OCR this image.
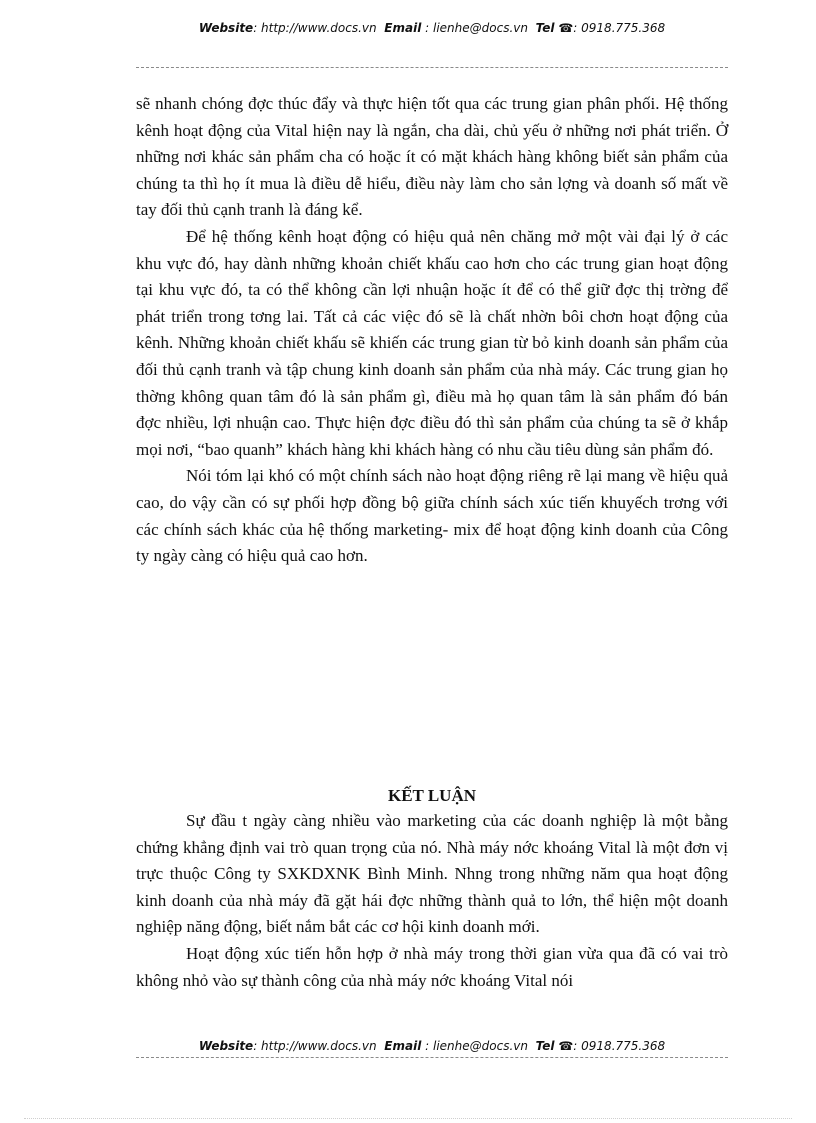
Website: http://www.docs.vn Email : lienhe@docs.vn Tel ☎: 0918.775.368

sẽ nhanh chóng đợc thúc đẩy và thực hiện tốt qua các trung gian phân phối. Hệ thống kênh hoạt động của Vital hiện nay là ngắn, cha dài, chủ yếu ở những nơi phát triển. Ở những nơi khác sản phẩm cha có hoặc ít có mặt khách hàng không biết sản phẩm của chúng ta thì họ ít mua là điều dễ hiểu, điều này làm cho sản lợng và doanh số mất về tay đối thủ cạnh tranh là đáng kể.

Để hệ thống kênh hoạt động có hiệu quả nên chăng mở một vài đại lý ở các khu vực đó, hay dành những khoản chiết khấu cao hơn cho các trung gian hoạt động tại khu vực đó, ta có thể không cần lợi nhuận hoặc ít để có thể giữ đợc thị trờng để phát triển trong tơng lai. Tất cả các việc đó sẽ là chất nhờn bôi chơn hoạt động của kênh. Những khoản chiết khấu sẽ khiến các trung gian từ bỏ kinh doanh sản phẩm của đối thủ cạnh tranh và tập chung kinh doanh sản phẩm của nhà máy. Các trung gian họ thờng không quan tâm đó là sản phẩm gì, điều mà họ quan tâm là sản phẩm đó bán đợc nhiều, lợi nhuận cao. Thực hiện đợc điều đó thì sản phẩm của chúng ta sẽ ở khắp mọi nơi, “bao quanh” khách hàng khi khách hàng có nhu cầu tiêu dùng sản phẩm đó.

Nói tóm lại khó có một chính sách nào hoạt động riêng rẽ lại mang về hiệu quả cao, do vậy cần có sự phối hợp đồng bộ giữa chính sách xúc tiến khuyếch trơng với các chính sách khác của hệ thống marketing- mix để hoạt động kinh doanh của Công ty ngày càng có hiệu quả cao hơn.

KẾT LUẬN

Sự đầu t ngày càng nhiều vào marketing của các doanh nghiệp là một bằng chứng khẳng định vai trò quan trọng của nó. Nhà máy nớc khoáng Vital là một đơn vị trực thuộc Công ty SXKDXNK Bình Minh. Nhng trong những năm qua hoạt động kinh doanh của nhà máy đã gặt hái đợc những thành quả to lớn, thể hiện một doanh nghiệp năng động, biết nắm bắt các cơ hội kinh doanh mới.

Hoạt động xúc tiến hỗn hợp ở nhà máy trong thời gian vừa qua đã có vai trò không nhỏ vào sự thành công của nhà máy nớc khoáng Vital nói

Website: http://www.docs.vn Email : lienhe@docs.vn Tel ☎: 0918.775.368
